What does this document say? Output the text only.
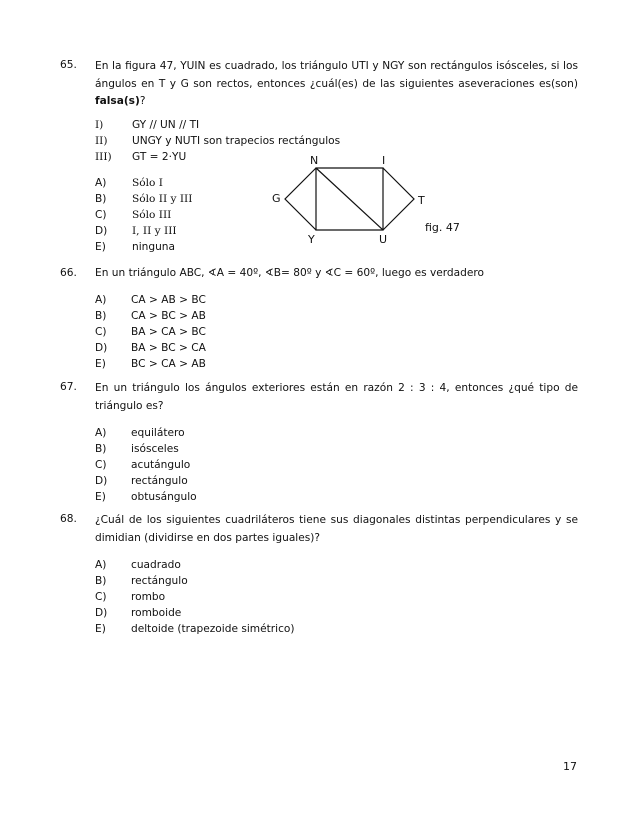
65. En la figura 47, YUIN es cuadrado, los triángulo UTI y NGY son rectángulos isósceles, si los ángulos en T y G son rectos, entonces ¿cuál(es) de las siguientes aseveraciones es(son) falsa(s)?
I)	GY // UN // TI
II) UNGY y NUTI son trapecios rectángulos
III) GT = 2·YU
A) Sólo I
B) Sólo II y III
C) Sólo III
D) I, II y III
E) ninguna
N	I
G	T
Y	U
fig. 47
66. En un triángulo ABC, ∢A = 40º, ∢B= 80º y ∢C = 60º, luego es verdadero
A) CA > AB > BC
B) CA > BC > AB
C) BA > CA > BC
D) BA > BC > CA
E) BC > CA > AB
67. En un triángulo los ángulos exteriores están en razón 2 : 3 : 4, entonces ¿qué tipo de triángulo es?
A) equilátero
B) isósceles
C) acutángulo
D) rectángulo
E) obtusángulo
68. ¿Cuál de los siguientes cuadriláteros tiene sus diagonales distintas perpendiculares y se dimidian (dividirse en dos partes iguales)?
A) cuadrado
B) rectángulo
C) rombo
D) romboide
E) deltoide (trapezoide simétrico)
17
